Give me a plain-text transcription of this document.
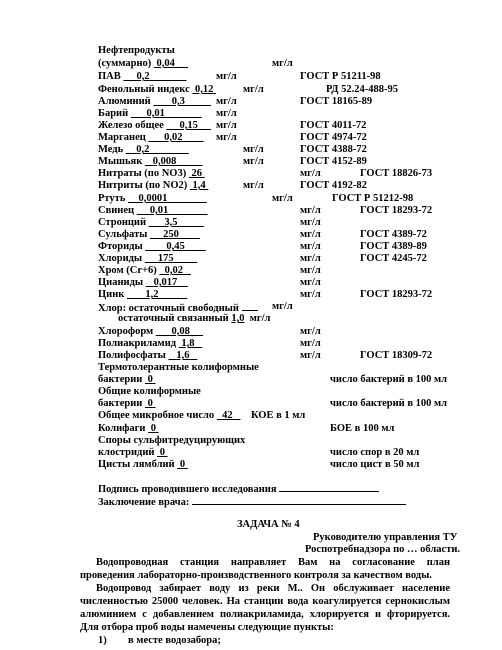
Нефтепродукты
(суммарно) 0,04	мг/л
ПАВ 0,2	мг/л	ГОСТ Р 51211-98
Фенольный индекс 0,12	мг/л	РД 52.24-488-95
Алюминий 0,3	мг/л	ГОСТ 18165-89
Барий 0,01	мг/л
Железо общее 0,15	мг/л	ГОСТ 4011-72
Марганец 0,02	мг/л	ГОСТ 4974-72
Медь 0,2	мг/л	ГОСТ 4388-72
Мышьяк 0,008	мг/л	ГОСТ 4152-89
Нитраты (по NO3) 26	мг/л	ГОСТ 18826-73
Нитриты (по NO2) 1,4	мг/л	ГОСТ 4192-82
Ртуть 0,0001	мг/л	ГОСТ Р 51212-98
Свинец 0,01	мг/л	ГОСТ 18293-72
Стронций 3,5	мг/л
Сульфаты 250	мг/л	ГОСТ 4389-72
Фториды 0,45	мг/л	ГОСТ 4389-89
Хлориды 175	мг/л	ГОСТ 4245-72
Хром (Cr+6) 0,02	мг/л
Цианиды 0,017	мг/л
Цинк 1,2	мг/л	ГОСТ 18293-72
Хлор: остаточный свободный	мг/л
остаточный связанный 1,0 мг/л
Хлороформ 0,08	мг/л
Полиакриламид 1,8	мг/л
Полифосфаты 1,6	мг/л	ГОСТ 18309-72
Термотолерантные колиформные
бактерии 0	число бактерий в 100 мл
Общие колиформные
бактерии 0	число бактерий в 100 мл
Общее микробное число 42 КОЕ в 1 мл
Колифаги 0	БОЕ в 100 мл
Споры сульфитредуцирующих
клостридий 0	число спор в 20 мл
Цисты лямблий 0	число цист в 50 мл
Подпись проводившего исследования
Заключение врача:
ЗАДАЧА № 4
Руководителю управления ТУ
Роспотребнадзора по … области.
Водопроводная станция направляет Вам на согласование план проведения лабораторно-производственного контроля за качеством воды.
Водопровод забирает воду из реки М.. Он обслуживает население численностью 25000 человек. На станции вода коагулируется сернокислым алюминием с добавлением полиакриламида, хлорируется и фторируется. Для отбора проб воды намечены следующие пункты:
1) в месте водозабора;
